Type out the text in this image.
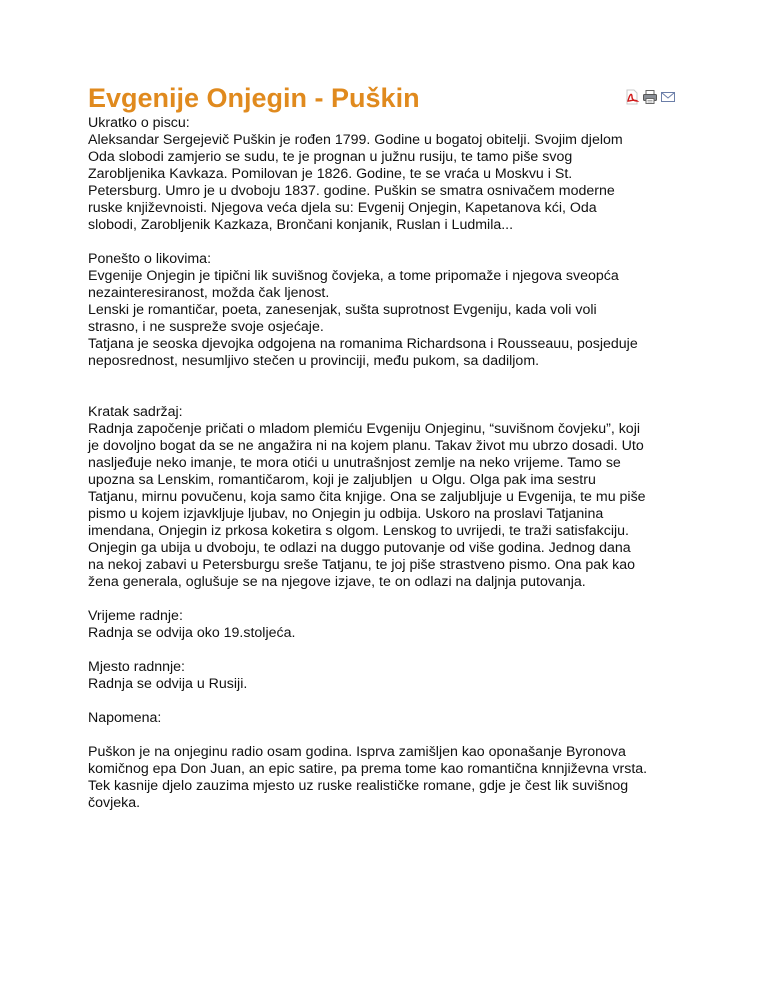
Evgenije Onjegin - Puškin

Ukratko o piscu:

Aleksandar Sergejevič Puškin je rođen 1799. Godine u bogatoj obitelji. Svojim djelom

Oda slobodi zamjerio se sudu, te je prognan u južnu rusiju, te tamo piše svog

Zarobljenika Kavkaza. Pomilovan je 1826. Godine, te se vraća u Moskvu i St.

Petersburg. Umro je u dvoboju 1837. godine. Puškin se smatra osnivačem moderne

ruske književnoisti. Njegova veća djela su: Evgenij Onjegin, Kapetanova kći, Oda

slobodi, Zarobljenik Kazkaza, Brončani konjanik, Ruslan i Ludmila...

Ponešto o likovima:

Evgenije Onjegin je tipični lik suvišnog čovjeka, a tome pripomaže i njegova sveopća

nezainteresiranost, možda čak ljenost.

Lenski je romantičar, poeta, zanesenjak, sušta suprotnost Evgeniju, kada voli voli

strasno, i ne susprеže svoje osjećaje.

Tatjana je seoska djevojka odgojena na romanima Richardsona i Rousseauu, posjeduje

neposrednost, nesumljivo stečen u provinciji, među pukom, sa dadiljom.

Kratak sadržaj:

Radnja započenje pričati o mladom plemiću Evgeniju Onjeginu, “suvišnom čovjeku”, koji

je dovoljno bogat da se ne angažira ni na kojem planu. Takav život mu ubrzo dosadi. Uto

nasljeđuje neko imanje, te mora otići u unutrašnjost zemlje na neko vrijeme. Tamo se

upozna sa Lenskim, romantičarom, koji je zaljubljen  u Olgu. Olga pak ima sestru

Tatjanu, mirnu povučenu, koja samo čita knjige. Ona se zaljubljuje u Evgenija, te mu piše

pismo u kojem izjavkljuje ljubav, no Onjegin ju odbija. Uskoro na proslavi Tatjanina

imendana, Onjegin iz prkosa koketira s olgom. Lenskog to uvrijedi, te traži satisfakciju.

Onjegin ga ubija u dvoboju, te odlazi na duggo putovanje od više godina. Jednog dana

na nekoj zabavi u Petersburgu sreše Tatjanu, te joj piše strastveno pismo. Ona pak kao

žena generala, oglušuje se na njegove izjave, te on odlazi na daljnja putovanja.

Vrijeme radnje:

Radnja se odvija oko 19.stoljeća.

Mjesto radnnje:

Radnja se odvija u Rusiji.

Napomena:

Puškon je na onjeginu radio osam godina. Isprva zamišljen kao oponašanje Byronova

komičnog epa Don Juan, an epic satire, pa prema tome kao romantična knnjiževna vrsta.

Tek kasnije djelo zauzima mjesto uz ruske realističke romane, gdje je čest lik suvišnog

čovjeka.
